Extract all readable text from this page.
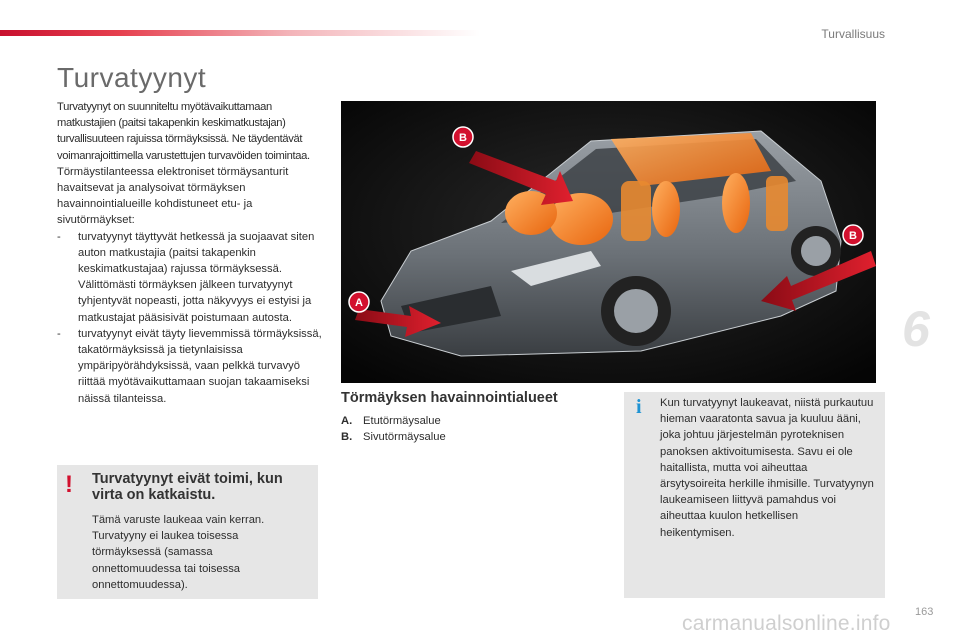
Turvallisuus
Turvatyynyt

Turvatyynyt on suunniteltu myötävaikuttamaan matkustajien (paitsi takapenkin keskimatkustajan) turvallisuuteen rajuissa törmäyksissä. Ne täydentävät voimanrajoittimella varustettujen turvavöiden toimintaa.

Törmäystilanteessa elektroniset törmäysanturit havaitsevat ja analysoivat törmäyksen havainnointialueille kohdistuneet etu- ja sivutörmäykset:

- turvatyynyt täyttyvät hetkessä ja suojaavat siten auton matkustajia (paitsi takapenkin keskimatkustajaa) rajussa törmäyksessä. Välittömästi törmäyksen jälkeen turvatyynyt tyhjentyvät nopeasti, jotta näkyvyys ei estyisi ja matkustajat pääsisivät poistumaan autosta.
- turvatyynyt eivät täyty lievemmissä törmäyksissä, takatörmäyksissä ja tietynlaisissa ympäripyörähdyksissä, vaan pelkkä turvavyö riittää myötävaikuttamaan suojan takaamiseksi näissä tilanteissa.
! Turvatyynyt eivät toimi, kun virta on katkaistu.
Tämä varuste laukeaa vain kerran. Turvatyyny ei laukea toisessa törmäyksessä (samassa onnettomuudessa tai toisessa onnettomuudessa).
A
B
B
Törmäyksen havainnointialueet
A. Etutörmäysalue
B. Sivutörmäysalue
i Kun turvatyynyt laukeavat, niistä purkautuu hieman vaaratonta savua ja kuuluu ääni, joka johtuu järjestelmän pyroteknisen panoksen aktivoitumisesta. Savu ei ole haitallista, mutta voi aiheuttaa ärsytysoireita herkille ihmisille. Turvatyynyn laukeamiseen liittyvä pamahdus voi aiheuttaa kuulon hetkellisen heikentymisen.
6
163
carmanualsonline.info
